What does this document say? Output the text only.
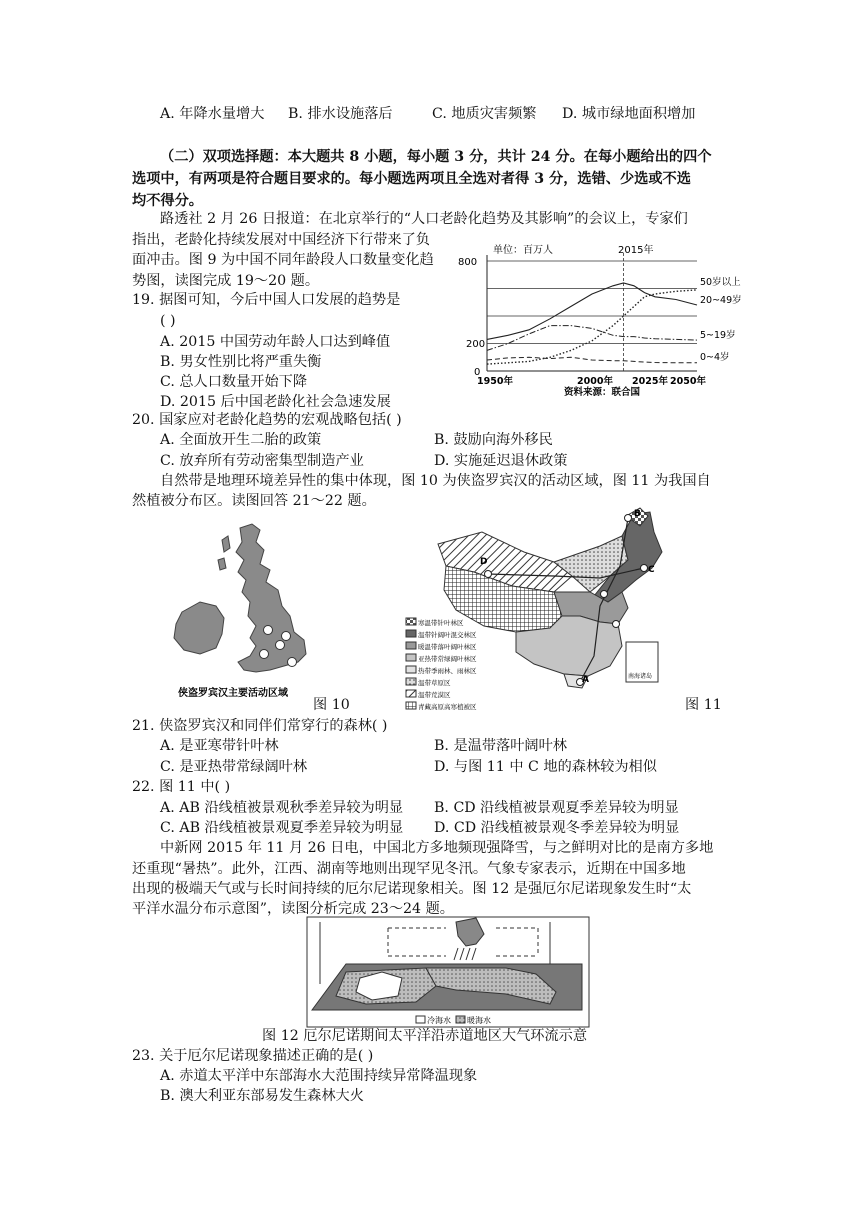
A. 年降水量增大 B. 排水设施落后	C. 地质灾害频繁 D. 城市绿地面积增加
（二）双项选择题：本大题共 8 小题，每小题 3 分，共计 24 分。在每小题给出的四个
选项中，有两项是符合题目要求的。每小题选两项且全选对者得 3 分，选错、少选或不选
均不得分。
路透社 2 月 26 日报道：在北京举行的“人口老龄化趋势及其影响”的会议上，专家们
指出，老龄化持续发展对中国经济下行带来了负
面冲击。图 9 为中国不同年龄段人口数量变化趋
势图，读图完成 19～20 题。
19. 据图可知，今后中国人口发展的趋势是
( )
A. 2015 中国劳动年龄人口达到峰值
B. 男女性别比将严重失衡
C. 总人口数量开始下降
D. 2015 后中国老龄化社会急速发展
单位：百万人	2015年
800
200
0
1950年	2000年 2025年 2050年
资料来源：联合国
50岁以上
20~49岁
5~19岁
0~4岁
20. 国家应对老龄化趋势的宏观战略包括( )
A. 全面放开生二胎的政策	B. 鼓励向海外移民
C. 放弃所有劳动密集型制造产业	D. 实施延迟退休政策
自然带是地理环境差异性的集中体现，图 10 为侠盗罗宾汉的活动区域，图 11 为我国自
然植被分布区。读图回答 21～22 题。
侠盗罗宾汉主要活动区域
图 10
A
B
C
D
南海诸岛
寒温带针叶林区
温带针阔叶混交林区
暖温带落叶阔叶林区
亚热带常绿阔叶林区
热带季雨林、雨林区
温带草原区
温带荒漠区
青藏高原高寒植被区	图 11
21. 侠盗罗宾汉和同伴们常穿行的森林( )
A. 是亚寒带针叶林	B. 是温带落叶阔叶林
C. 是亚热带常绿阔叶林	D. 与图 11 中 C 地的森林较为相似
22. 图 11 中( )
A. AB 沿线植被景观秋季差异较为明显 B. CD 沿线植被景观夏季差异较为明显
C. AB 沿线植被景观夏季差异较为明显 D. CD 沿线植被景观冬季差异较为明显
中新网 2015 年 11 月 26 日电，中国北方多地频现强降雪，与之鲜明对比的是南方多地
还重现“暑热”。此外，江西、湖南等地则出现罕见冬汛。气象专家表示，近期在中国多地
出现的极端天气或与长时间持续的厄尔尼诺现象相关。图 12 是强厄尔尼诺现象发生时“太
平洋水温分布示意图”，读图分析完成 23～24 题。
冷海水 暖海水
图 12 厄尔尼诺期间太平洋沿赤道地区大气环流示意
23. 关于厄尔尼诺现象描述正确的是( )
A. 赤道太平洋中东部海水大范围持续异常降温现象
B. 澳大利亚东部易发生森林大火
